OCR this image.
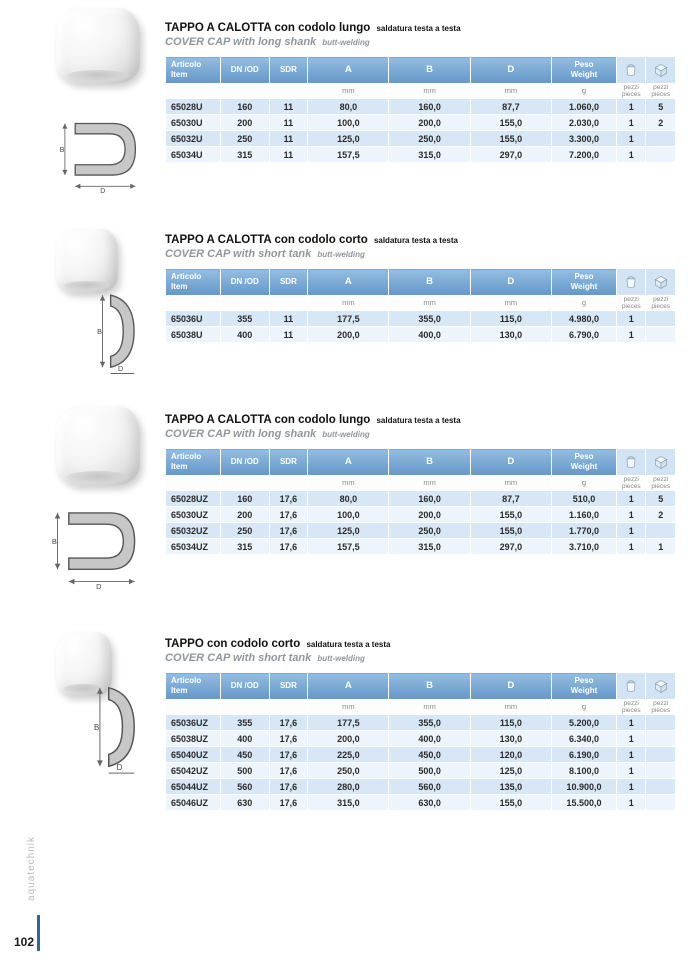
B
D
B
D
B
D
B
D
TAPPO A CALOTTA con codolo lungo saldatura testa a testa
COVER CAP with long shank butt-welding
Articolo
Item	DN /OD	SDR	A	B	D	Peso
Weight

			mm	mm	mm	g	pezzi
pieces	pezzi
pieces

65028U	160	11	80,0	160,0	87,7	1.060,0	1	5
65030U	200	11	100,0	200,0	155,0	2.030,0	1	2
65032U	250	11	125,0	250,0	155,0	3.300,0	1	
65034U	315	11	157,5	315,0	297,0	7.200,0	1	
TAPPO A CALOTTA con codolo corto saldatura testa a testa
COVER CAP with short tank butt-welding
Articolo
Item	DN /OD	SDR	A	B	D	Peso
Weight

			mm	mm	mm	g	pezzi
pieces	pezzi
pieces

65036U	355	11	177,5	355,0	115,0	4.980,0	1	
65038U	400	11	200,0	400,0	130,0	6.790,0	1	
TAPPO A CALOTTA con codolo lungo saldatura testa a testa
COVER CAP with long shank butt-welding
Articolo
Item	DN /OD	SDR	A	B	D	Peso
Weight

			mm	mm	mm	g	pezzi
pieces	pezzi
pieces

65028UZ	160	17,6	80,0	160,0	87,7	510,0	1	5
65030UZ	200	17,6	100,0	200,0	155,0	1.160,0	1	2
65032UZ	250	17,6	125,0	250,0	155,0	1.770,0	1	
65034UZ	315	17,6	157,5	315,0	297,0	3.710,0	1	1
TAPPO con codolo corto saldatura testa a testa
COVER CAP with short tank butt-welding
Articolo
Item	DN /OD	SDR	A	B	D	Peso
Weight

			mm	mm	mm	g	pezzi
pieces	pezzi
pieces

65036UZ	355	17,6	177,5	355,0	115,0	5.200,0	1	
65038UZ	400	17,6	200,0	400,0	130,0	6.340,0	1	
65040UZ	450	17,6	225,0	450,0	120,0	6.190,0	1	
65042UZ	500	17,6	250,0	500,0	125,0	8.100,0	1	
65044UZ	560	17,6	280,0	560,0	135,0	10.900,0	1	
65046UZ	630	17,6	315,0	630,0	155,0	15.500,0	1	
aquatechnik
102
